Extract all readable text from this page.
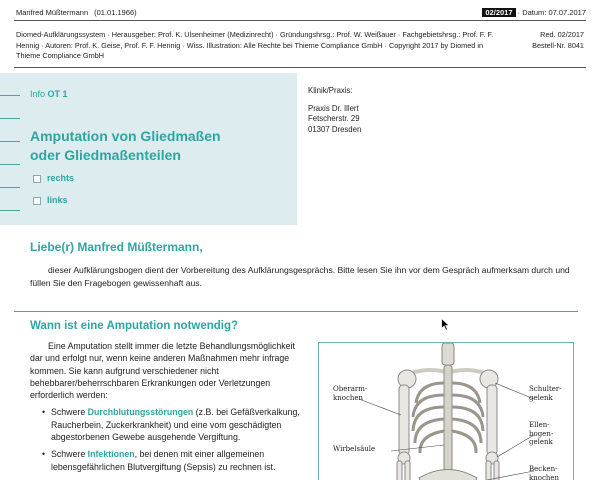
Manfred Müßtermann (01.01.1966)	02/2017 · Datum: 07.07.2017
Diomed-Aufklärungssystem · Herausgeber: Prof. K. Ulsenheimer (Medizinrecht) · Gründungshrsg.: Prof. W. Weißauer · Fachgebietshrsg.: Prof. F. F. Hennig · Autoren: Prof. K. Geise, Prof. F. F. Hennig · Wiss. Illustration: Alle Rechte bei Thieme Compliance GmbH · Copyright 2017 by Diomed in Thieme Compliance GmbH
Red. 02/2017
Bestell-Nr. 8041
Info OT 1
Amputation von Gliedmaßen
oder Gliedmaßenteilen
rechts
links
Klinik/Praxis:
Praxis Dr. Illert
Fetscherstr. 29
01307 Dresden
Liebe(r) Manfred Müßtermann,
dieser Aufklärungsbogen dient der Vorbereitung des Aufklärungsgesprächs. Bitte lesen Sie ihn vor dem Gespräch aufmerksam durch und füllen Sie den Fragebogen gewissenhaft aus.
Wann ist eine Amputation notwendig?
Eine Amputation stellt immer die letzte Behandlungsmöglichkeit dar und erfolgt nur, wenn keine anderen Maßnahmen mehr infrage kommen. Sie kann aufgrund verschiedener nicht behebbarer/beherrschbaren Erkrankungen oder Verletzungen erforderlich werden:
• Schwere Durchblutungsstörungen (z.B. bei Gefäßverkalkung, Raucherbein, Zuckerkrankheit) und eine vom geschädigten abgestorbenen Gewebe ausgehende Vergiftung.
• Schwere Infektionen, bei denen mit einer allgemeinen lebensgefährlichen Blutvergiftung (Sepsis) zu rechnen ist.
Oberarm-
knochen
Wirbelsäule
Schulter-
gelenk
Ellen-
bogen-
gelenk
Becken-
knochen
